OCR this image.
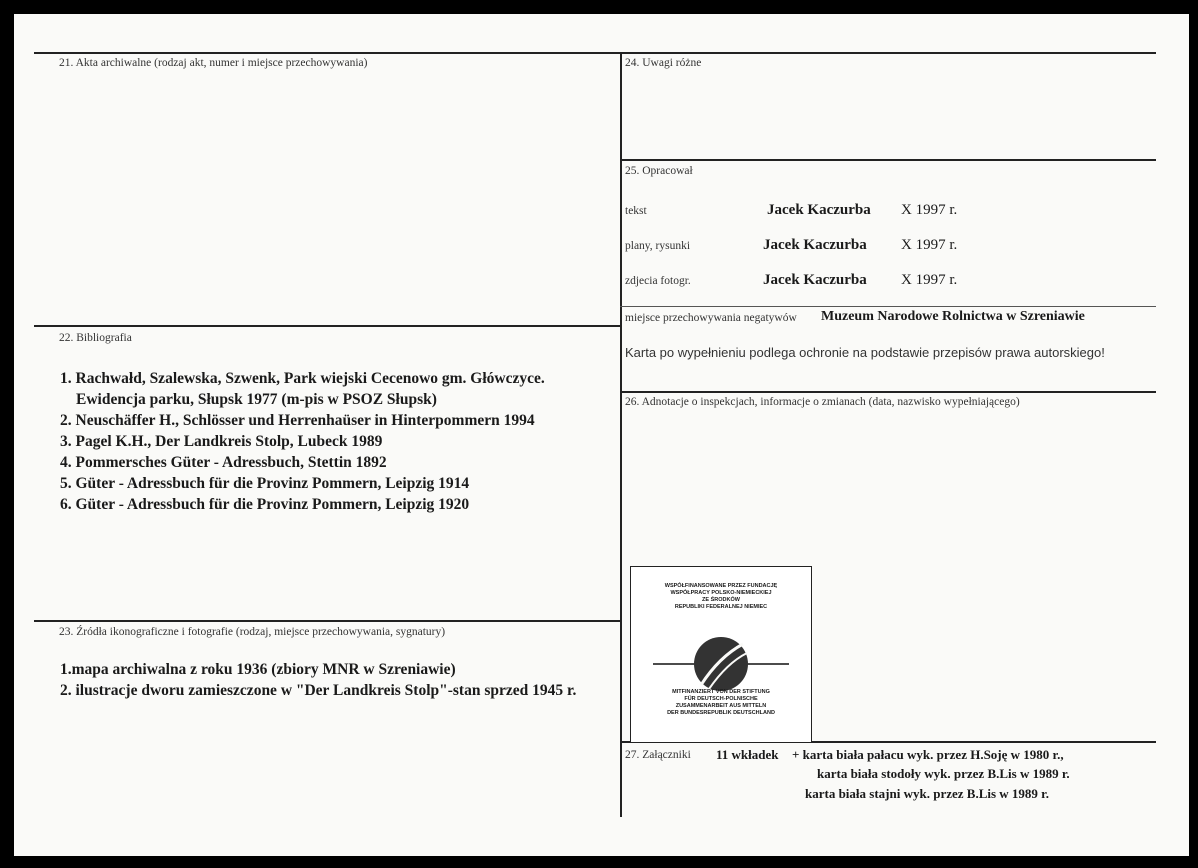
21. Akta archiwalne (rodzaj akt, numer i miejsce przechowywania)
22. Bibliografia
1. Rachwałd, Szalewska, Szwenk, Park wiejski Cecenowo gm. Główczyce.
Ewidencja parku, Słupsk 1977 (m-pis w PSOZ Słupsk)
2. Neuschäffer H., Schlösser und Herrenhaüser in Hinterpommern 1994
3. Pagel K.H., Der Landkreis Stolp, Lubeck 1989
4. Pommersches Güter - Adressbuch, Stettin 1892
5. Güter - Adressbuch für die Provinz Pommern, Leipzig 1914
6. Güter - Adressbuch für die Provinz Pommern, Leipzig 1920
23. Źródła ikonograficzne i fotografie (rodzaj, miejsce przechowywania, sygnatury)
1.mapa archiwalna z roku 1936 (zbiory MNR w Szreniawie)
2. ilustracje dworu zamieszczone w "Der Landkreis Stolp"-stan sprzed 1945 r.
24. Uwagi różne
25. Opracował
tekst	Jacek Kaczurba X 1997 r.
plany, rysunki	Jacek Kaczurba X 1997 r.
zdjecia fotogr.	Jacek Kaczurba X 1997 r.
miejsce przechowywania negatywów Muzeum Narodowe Rolnictwa w Szreniawie
Karta po wypełnieniu podlega ochronie na podstawie przepisów prawa autorskiego!
26. Adnotacje o inspekcjach, informacje o zmianach (data, nazwisko wypełniającego)
WSPÓŁFINANSOWANE PRZEZ FUNDACJĘ
WSPÓŁPRACY POLSKO-NIEMIECKIEJ
ZE ŚRODKÓW
REPUBLIKI FEDERALNEJ NIEMIEC
MITFINANZIERT VON DER STIFTUNG
FÜR DEUTSCH-POLNISCHE
ZUSAMMENARBEIT AUS MITTELN
DER BUNDESREPUBLIK DEUTSCHLAND
27. Załączniki 11 wkładek + karta biała pałacu wyk. przez H.Soję w 1980 r.,
karta biała stodoły wyk. przez B.Lis w 1989 r.
karta biała stajni wyk. przez B.Lis w 1989 r.
